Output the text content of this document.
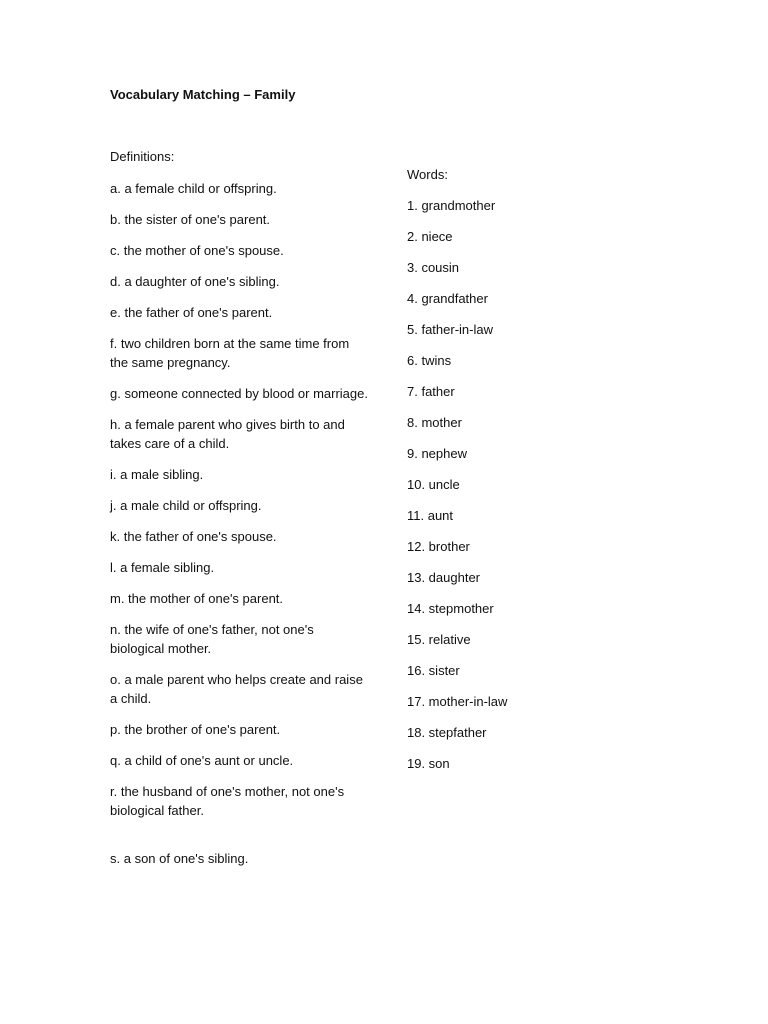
Vocabulary Matching – Family
Definitions:
a. a female child or offspring.
b. the sister of one's parent.
c. the mother of one's spouse.
d. a daughter of one's sibling.
e. the father of one's parent.
f. two children born at the same time from the same pregnancy.
g. someone connected by blood or marriage.
h. a female parent who gives birth to and takes care of a child.
i. a male sibling.
j. a male child or offspring.
k. the father of one's spouse.
l. a female sibling.
m. the mother of one's parent.
n. the wife of one's father, not one's biological mother.
o. a male parent who helps create and raise a child.
p. the brother of one's parent.
q. a child of one's aunt or uncle.
r. the husband of one's mother, not one's biological father.
s. a son of one's sibling.
Words:
1. grandmother
2. niece
3. cousin
4. grandfather
5. father-in-law
6. twins
7. father
8. mother
9. nephew
10. uncle
11. aunt
12. brother
13. daughter
14. stepmother
15. relative
16. sister
17. mother-in-law
18. stepfather
19. son
